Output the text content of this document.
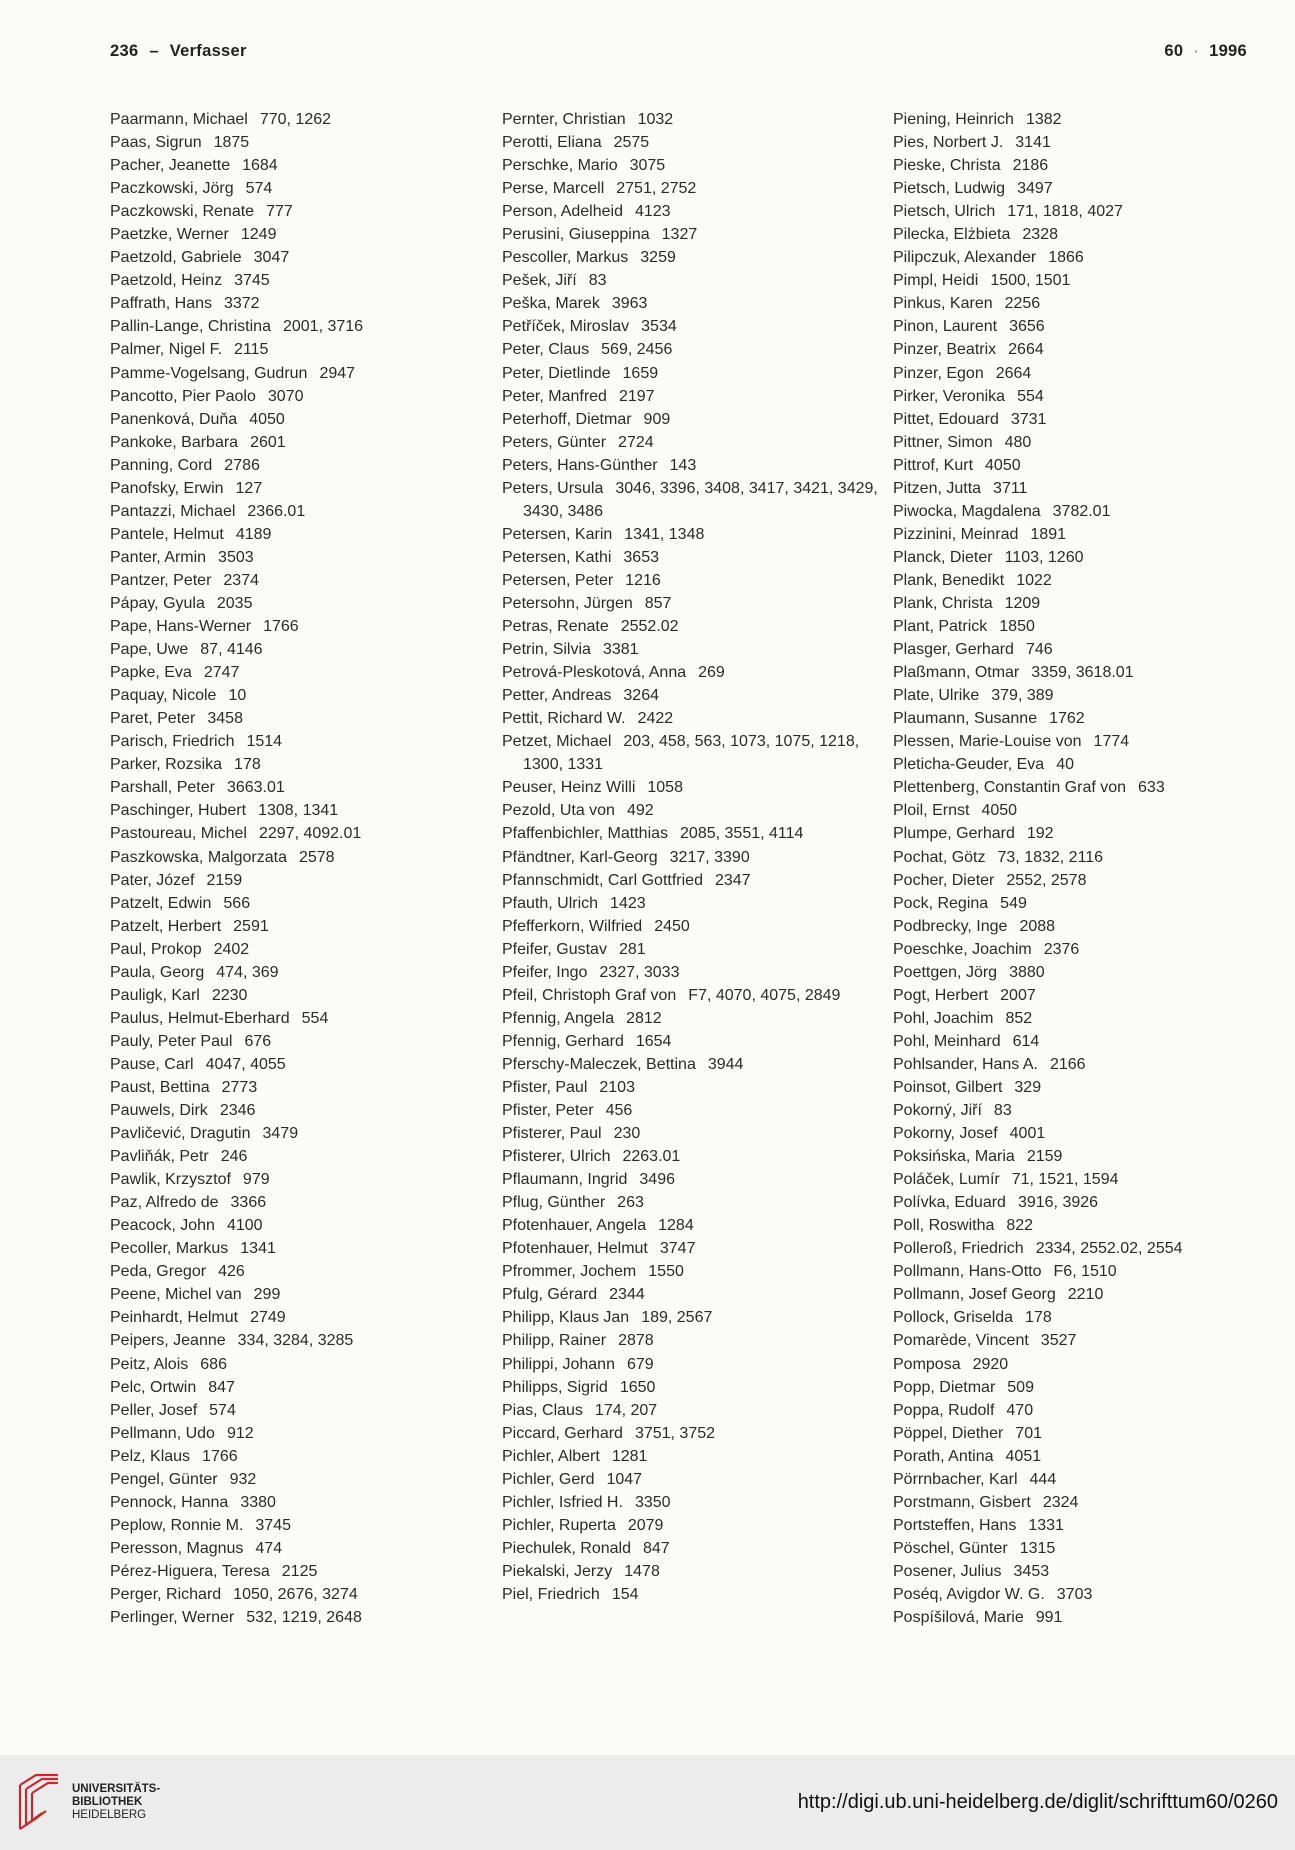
236 – Verfasser	60 · 1996
Paarmann, Michael 770, 1262
Paas, Sigrun 1875
Pacher, Jeanette 1684
Paczkowski, Jörg 574
Paczkowski, Renate 777
Paetzke, Werner 1249
Paetzold, Gabriele 3047
Paetzold, Heinz 3745
Paffrath, Hans 3372
Pallin-Lange, Christina 2001, 3716
Palmer, Nigel F. 2115
Pamme-Vogelsang, Gudrun 2947
Pancotto, Pier Paolo 3070
Panenková, Duňa 4050
Pankoke, Barbara 2601
Panning, Cord 2786
Panofsky, Erwin 127
Pantazzi, Michael 2366.01
Pantele, Helmut 4189
Panter, Armin 3503
Pantzer, Peter 2374
Pápay, Gyula 2035
Pape, Hans-Werner 1766
Pape, Uwe 87, 4146
Papke, Eva 2747
Paquay, Nicole 10
Paret, Peter 3458
Parisch, Friedrich 1514
Parker, Rozsika 178
Parshall, Peter 3663.01
Paschinger, Hubert 1308, 1341
Pastoureau, Michel 2297, 4092.01
Paszkowska, Malgorzata 2578
Pater, Józef 2159
Patzelt, Edwin 566
Patzelt, Herbert 2591
Paul, Prokop 2402
Paula, Georg 474, 369
Pauligk, Karl 2230
Paulus, Helmut-Eberhard 554
Pauly, Peter Paul 676
Pause, Carl 4047, 4055
Paust, Bettina 2773
Pauwels, Dirk 2346
Pavličević, Dragutin 3479
Pavliňák, Petr 246
Pawlik, Krzysztof 979
Paz, Alfredo de 3366
Peacock, John 4100
Pecoller, Markus 1341
Peda, Gregor 426
Peene, Michel van 299
Peinhardt, Helmut 2749
Peipers, Jeanne 334, 3284, 3285
Peitz, Alois 686
Pelc, Ortwin 847
Peller, Josef 574
Pellmann, Udo 912
Pelz, Klaus 1766
Pengel, Günter 932
Pennock, Hanna 3380
Peplow, Ronnie M. 3745
Peresson, Magnus 474
Pérez-Higuera, Teresa 2125
Perger, Richard 1050, 2676, 3274
Perlinger, Werner 532, 1219, 2648
Pernter, Christian 1032
Perotti, Eliana 2575
Perschke, Mario 3075
Perse, Marcell 2751, 2752
Person, Adelheid 4123
Perusini, Giuseppina 1327
Pescoller, Markus 3259
Pešek, Jiří 83
Peška, Marek 3963
Petříček, Miroslav 3534
Peter, Claus 569, 2456
Peter, Dietlinde 1659
Peter, Manfred 2197
Peterhoff, Dietmar 909
Peters, Günter 2724
Peters, Hans-Günther 143
Peters, Ursula 3046, 3396, 3408, 3417, 3421, 3429, 3430, 3486
Petersen, Karin 1341, 1348
Petersen, Kathi 3653
Petersen, Peter 1216
Petersohn, Jürgen 857
Petras, Renate 2552.02
Petrin, Silvia 3381
Petrová-Pleskotová, Anna 269
Petter, Andreas 3264
Pettit, Richard W. 2422
Petzet, Michael 203, 458, 563, 1073, 1075, 1218, 1300, 1331
Peuser, Heinz Willi 1058
Pezold, Uta von 492
Pfaffenbichler, Matthias 2085, 3551, 4114
Pfändtner, Karl-Georg 3217, 3390
Pfannschmidt, Carl Gottfried 2347
Pfauth, Ulrich 1423
Pfefferkorn, Wilfried 2450
Pfeifer, Gustav 281
Pfeifer, Ingo 2327, 3033
Pfeil, Christoph Graf von F7, 4070, 4075, 2849
Pfennig, Angela 2812
Pfennig, Gerhard 1654
Pferschy-Maleczek, Bettina 3944
Pfister, Paul 2103
Pfister, Peter 456
Pfisterer, Paul 230
Pfisterer, Ulrich 2263.01
Pflaumann, Ingrid 3496
Pflug, Günther 263
Pfotenhauer, Angela 1284
Pfotenhauer, Helmut 3747
Pfrommer, Jochem 1550
Pfulg, Gérard 2344
Philipp, Klaus Jan 189, 2567
Philipp, Rainer 2878
Philippi, Johann 679
Philipps, Sigrid 1650
Pias, Claus 174, 207
Piccard, Gerhard 3751, 3752
Pichler, Albert 1281
Pichler, Gerd 1047
Pichler, Isfried H. 3350
Pichler, Ruperta 2079
Piechulek, Ronald 847
Piekalski, Jerzy 1478
Piel, Friedrich 154
Piening, Heinrich 1382
Pies, Norbert J. 3141
Pieske, Christa 2186
Pietsch, Ludwig 3497
Pietsch, Ulrich 171, 1818, 4027
Pilecka, Elżbieta 2328
Pilipczuk, Alexander 1866
Pimpl, Heidi 1500, 1501
Pinkus, Karen 2256
Pinon, Laurent 3656
Pinzer, Beatrix 2664
Pinzer, Egon 2664
Pirker, Veronika 554
Pittet, Edouard 3731
Pittner, Simon 480
Pittrof, Kurt 4050
Pitzen, Jutta 3711
Piwocka, Magdalena 3782.01
Pizzinini, Meinrad 1891
Planck, Dieter 1103, 1260
Plank, Benedikt 1022
Plank, Christa 1209
Plant, Patrick 1850
Plasger, Gerhard 746
Plaßmann, Otmar 3359, 3618.01
Plate, Ulrike 379, 389
Plaumann, Susanne 1762
Plessen, Marie-Louise von 1774
Pleticha-Geuder, Eva 40
Plettenberg, Constantin Graf von 633
Ploil, Ernst 4050
Plumpe, Gerhard 192
Pochat, Götz 73, 1832, 2116
Pocher, Dieter 2552, 2578
Pock, Regina 549
Podbrecky, Inge 2088
Poeschke, Joachim 2376
Poettgen, Jörg 3880
Pogt, Herbert 2007
Pohl, Joachim 852
Pohl, Meinhard 614
Pohlsander, Hans A. 2166
Poinsot, Gilbert 329
Pokorný, Jiří 83
Pokorny, Josef 4001
Poksińska, Maria 2159
Poláček, Lumír 71, 1521, 1594
Polívka, Eduard 3916, 3926
Poll, Roswitha 822
Polleroß, Friedrich 2334, 2552.02, 2554
Pollmann, Hans-Otto F6, 1510
Pollmann, Josef Georg 2210
Pollock, Griselda 178
Pomarède, Vincent 3527
Pomposa 2920
Popp, Dietmar 509
Poppa, Rudolf 470
Pöppel, Diether 701
Porath, Antina 4051
Pörrnbacher, Karl 444
Porstmann, Gisbert 2324
Portsteffen, Hans 1331
Pöschel, Günter 1315
Posener, Julius 3453
Poséq, Avigdor W. G. 3703
Pospíšilová, Marie 991
UNIVERSITÄTS-
BIBLIOTHEK
HEIDELBERG
http://digi.ub.uni-heidelberg.de/diglit/schrifttum60/0260
